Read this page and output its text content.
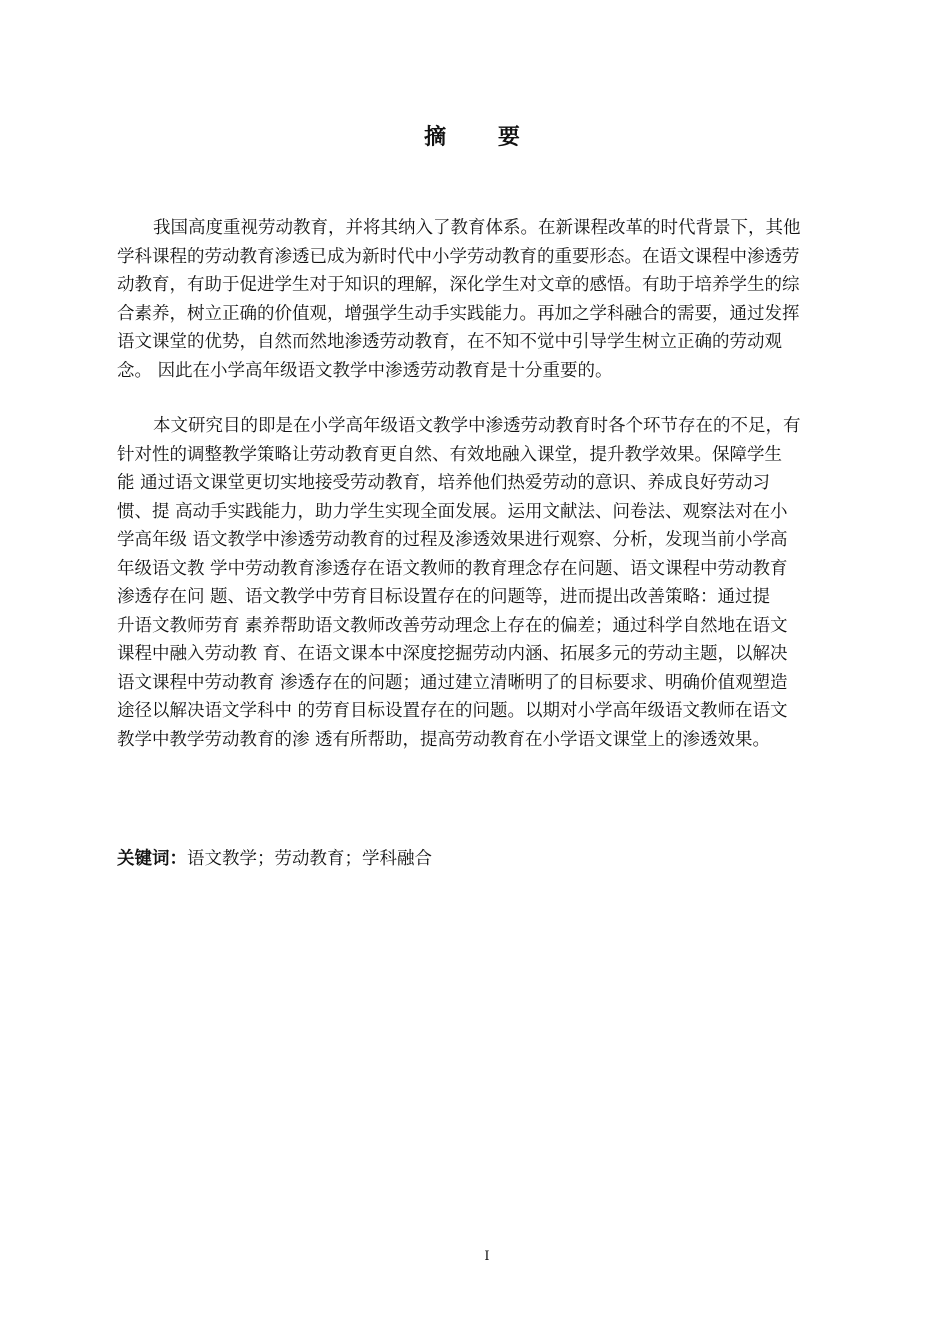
摘 要
我国高度重视劳动教育，并将其纳入了教育体系。在新课程改革的时代背景下，其他
学科课程的劳动教育渗透已成为新时代中小学劳动教育的重要形态。在语文课程中渗透劳
动教育，有助于促进学生对于知识的理解，深化学生对文章的感悟。有助于培养学生的综
合素养，树立正确的价值观，增强学生动手实践能力。再加之学科融合的需要，通过发挥
语文课堂的优势，自然而然地渗透劳动教育，在不知不觉中引导学生树立正确的劳动观
念。 因此在小学高年级语文教学中渗透劳动教育是十分重要的。
本文研究目的即是在小学高年级语文教学中渗透劳动教育时各个环节存在的不足，有
针对性的调整教学策略让劳动教育更自然、有效地融入课堂，提升教学效果。保障学生
能 通过语文课堂更切实地接受劳动教育，培养他们热爱劳动的意识、养成良好劳动习
惯、提 高动手实践能力，助力学生实现全面发展。运用文献法、问卷法、观察法对在小
学高年级 语文教学中渗透劳动教育的过程及渗透效果进行观察、分析，发现当前小学高
年级语文教 学中劳动教育渗透存在语文教师的教育理念存在问题、语文课程中劳动教育
渗透存在问 题、语文教学中劳育目标设置存在的问题等，进而提出改善策略：通过提
升语文教师劳育 素养帮助语文教师改善劳动理念上存在的偏差；通过科学自然地在语文
课程中融入劳动教 育、在语文课本中深度挖掘劳动内涵、拓展多元的劳动主题，以解决
语文课程中劳动教育 渗透存在的问题；通过建立清晰明了的目标要求、明确价值观塑造
途径以解决语文学科中 的劳育目标设置存在的问题。以期对小学高年级语文教师在语文
教学中教学劳动教育的渗 透有所帮助，提高劳动教育在小学语文课堂上的渗透效果。
关键词：语文教学；劳动教育；学科融合
I
